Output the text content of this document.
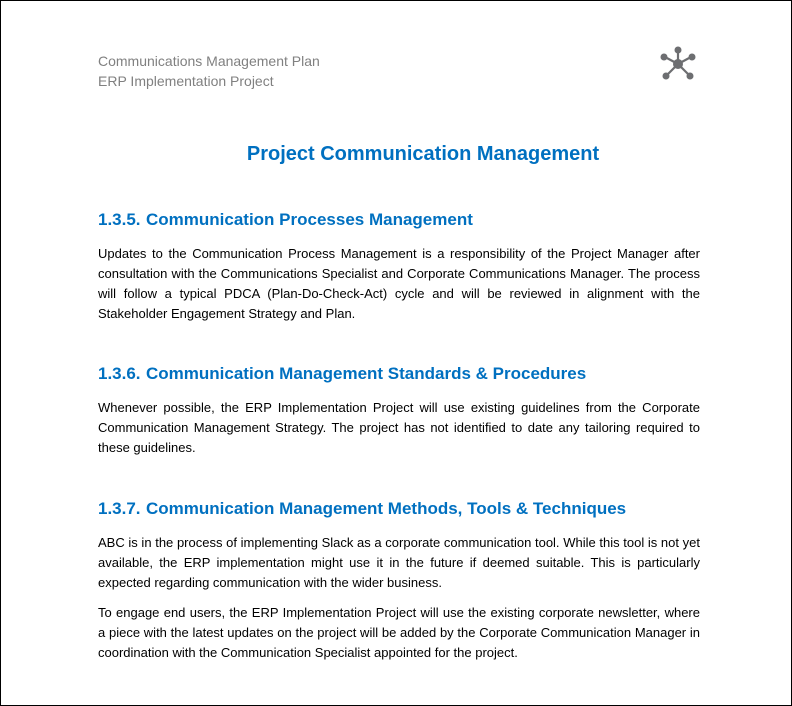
Communications Management Plan
ERP Implementation Project
Project Communication Management
1.3.5. Communication Processes Management

Updates to the Communication Process Management is a responsibility of the Project Manager after consultation with the Communications Specialist and Corporate Communications Manager. The process will follow a typical PDCA (Plan-Do-Check-Act) cycle and will be reviewed in alignment with the Stakeholder Engagement Strategy and Plan.

1.3.6. Communication Management Standards & Procedures

Whenever possible, the ERP Implementation Project will use existing guidelines from the Corporate Communication Management Strategy. The project has not identified to date any tailoring required to these guidelines.

1.3.7. Communication Management Methods, Tools & Techniques

ABC is in the process of implementing Slack as a corporate communication tool. While this tool is not yet available, the ERP implementation might use it in the future if deemed suitable. This is particularly expected regarding communication with the wider business.

To engage end users, the ERP Implementation Project will use the existing corporate newsletter, where a piece with the latest updates on the project will be added by the Corporate Communication Manager in coordination with the Communication Specialist appointed for the project.
